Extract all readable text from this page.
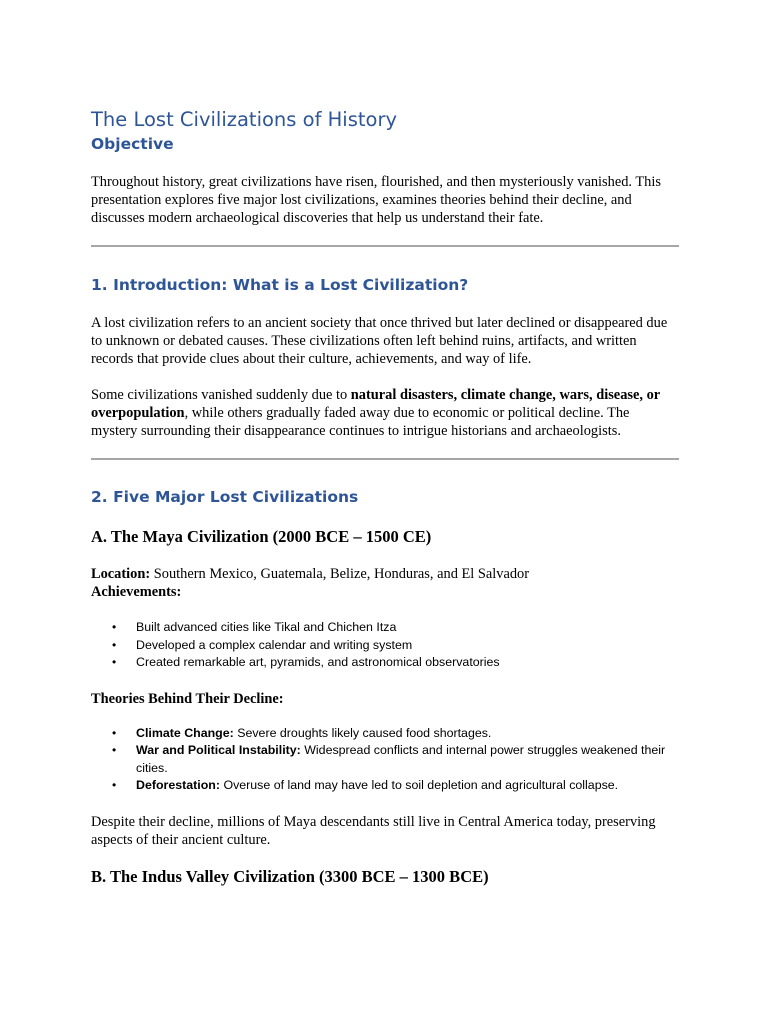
The Lost Civilizations of History
Objective

Throughout history, great civilizations have risen, flourished, and then mysteriously vanished. This presentation explores five major lost civilizations, examines theories behind their decline, and discusses modern archaeological discoveries that help us understand their fate.

1. Introduction: What is a Lost Civilization?

A lost civilization refers to an ancient society that once thrived but later declined or disappeared due to unknown or debated causes. These civilizations often left behind ruins, artifacts, and written records that provide clues about their culture, achievements, and way of life.

Some civilizations vanished suddenly due to natural disasters, climate change, wars, disease, or overpopulation, while others gradually faded away due to economic or political decline. The mystery surrounding their disappearance continues to intrigue historians and archaeologists.

2. Five Major Lost Civilizations
A. The Maya Civilization (2000 BCE – 1500 CE)

Location: Southern Mexico, Guatemala, Belize, Honduras, and El Salvador

Achievements:

• Built advanced cities like Tikal and Chichen Itza
• Developed a complex calendar and writing system
• Created remarkable art, pyramids, and astronomical observatories

Theories Behind Their Decline:

• Climate Change: Severe droughts likely caused food shortages.
• War and Political Instability: Widespread conflicts and internal power struggles weakened their cities.
• Deforestation: Overuse of land may have led to soil depletion and agricultural collapse.

Despite their decline, millions of Maya descendants still live in Central America today, preserving aspects of their ancient culture.

B. The Indus Valley Civilization (3300 BCE – 1300 BCE)
